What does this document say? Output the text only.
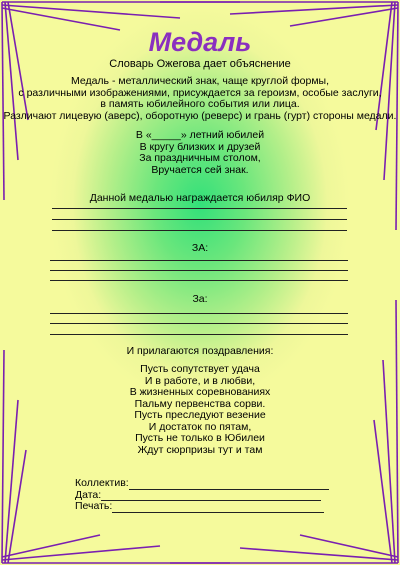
Медаль
Словарь Ожегова дает объяснение
Медаль - металлический знак, чаще круглой формы,
с различными изображениями, присуждается за героизм, особые заслуги,
в память юбилейного события или лица.
Различают лицевую (аверс), оборотную (реверс) и грань (гурт) стороны медали.
В «_____» летний юбилей
В кругу близких и друзей
За праздничным столом,
Вручается сей знак.
Данной медалью награждается юбиляр ФИО
ЗА:
За:
И прилагаются поздравления:
Пусть сопутствует удача
И в работе, и в любви,
В жизненных соревнованиях
Пальму первенства сорви.
Пусть преследуют везение
И достаток по пятам,
Пусть не только в Юбилеи
Ждут сюрпризы тут и там
Коллектив:
Дата:
Печать:
